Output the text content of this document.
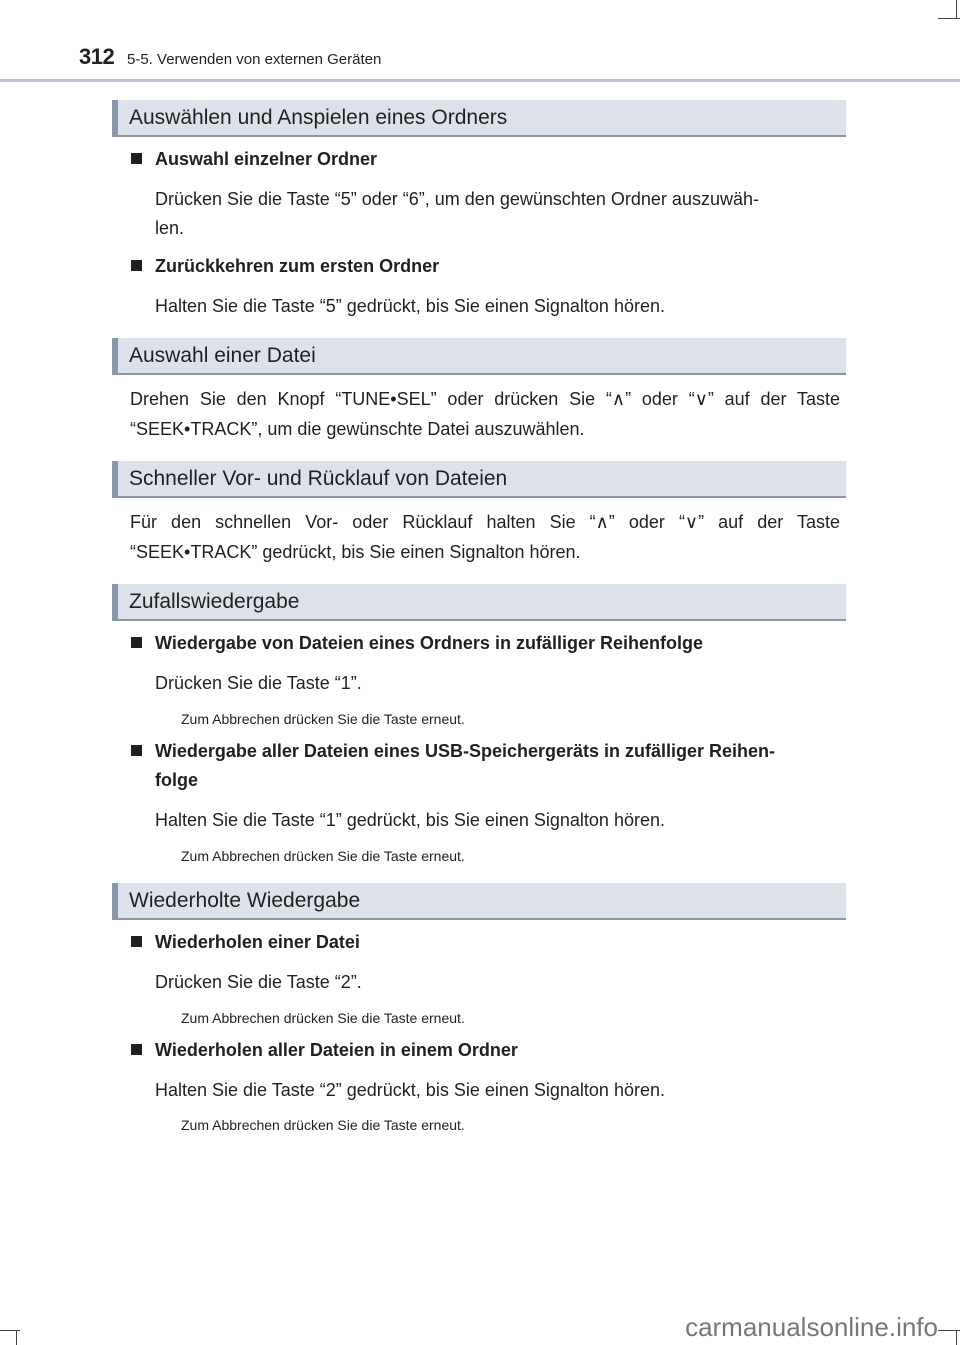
312 5-5. Verwenden von externen Geräten
Auswählen und Anspielen eines Ordners
Auswahl einzelner Ordner
Drücken Sie die Taste “5” oder “6”, um den gewünschten Ordner auszuwäh-
len.
Zurückkehren zum ersten Ordner
Halten Sie die Taste “5” gedrückt, bis Sie einen Signalton hören.
Auswahl einer Datei
Drehen Sie den Knopf “TUNE•SEL” oder drücken Sie “∧” oder “∨” auf der Taste “SEEK•TRACK”, um die gewünschte Datei auszuwählen.
Schneller Vor- und Rücklauf von Dateien
Für den schnellen Vor- oder Rücklauf halten Sie “∧” oder “∨” auf der Taste “SEEK•TRACK” gedrückt, bis Sie einen Signalton hören.
Zufallswiedergabe
Wiedergabe von Dateien eines Ordners in zufälliger Reihenfolge
Drücken Sie die Taste “1”.
Zum Abbrechen drücken Sie die Taste erneut.
Wiedergabe aller Dateien eines USB-Speichergeräts in zufälliger Reihen-
folge
Halten Sie die Taste “1” gedrückt, bis Sie einen Signalton hören.
Zum Abbrechen drücken Sie die Taste erneut.
Wiederholte Wiedergabe
Wiederholen einer Datei
Drücken Sie die Taste “2”.
Zum Abbrechen drücken Sie die Taste erneut.
Wiederholen aller Dateien in einem Ordner
Halten Sie die Taste “2” gedrückt, bis Sie einen Signalton hören.
Zum Abbrechen drücken Sie die Taste erneut.
carmanualsonline.info
